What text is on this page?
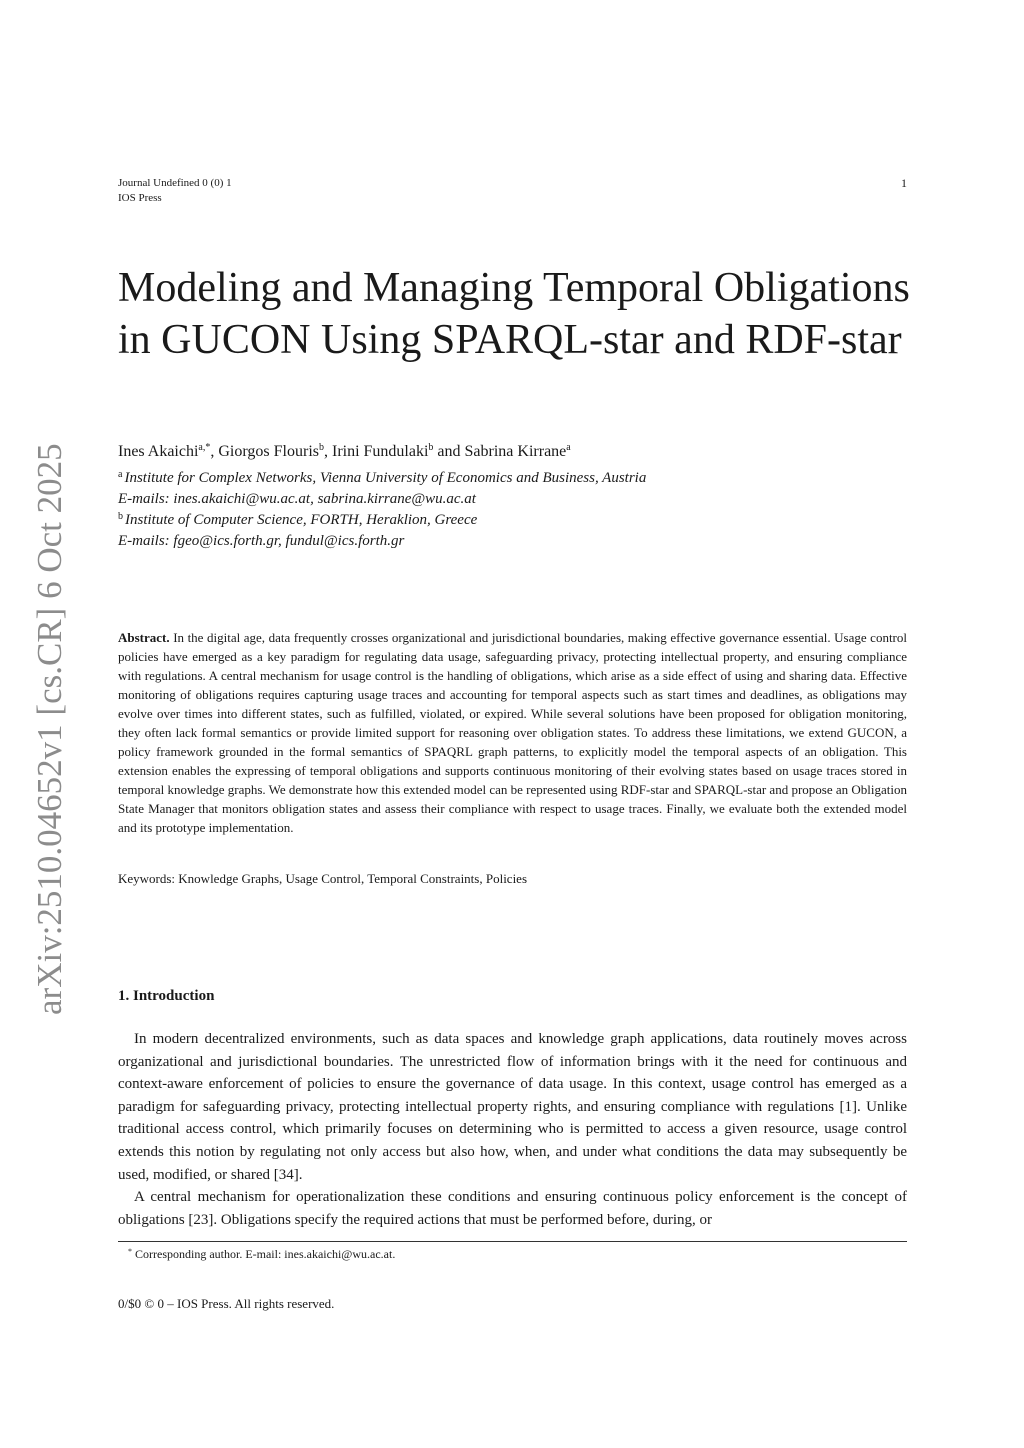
Journal Undefined 0 (0) 1
IOS Press
1
arXiv:2510.04652v1 [cs.CR] 6 Oct 2025
Modeling and Managing Temporal Obligations in GUCON Using SPARQL-star and RDF-star
Ines Akaichi$^{a,*}$, Giorgos Flouris$^b$, Irini Fundulaki$^b$ and Sabrina Kirrane$^a$
$^a$ Institute for Complex Networks, Vienna University of Economics and Business, Austria
E-mails: ines.akaichi@wu.ac.at, sabrina.kirrane@wu.ac.at
$^b$ Institute of Computer Science, FORTH, Heraklion, Greece
E-mails: fgeo@ics.forth.gr, fundul@ics.forth.gr
Abstract. In the digital age, data frequently crosses organizational and jurisdictional boundaries, making effective governance essential. Usage control policies have emerged as a key paradigm for regulating data usage, safeguarding privacy, protecting intellectual property, and ensuring compliance with regulations. A central mechanism for usage control is the handling of obligations, which arise as a side effect of using and sharing data. Effective monitoring of obligations requires capturing usage traces and accounting for temporal aspects such as start times and deadlines, as obligations may evolve over times into different states, such as fulfilled, violated, or expired. While several solutions have been proposed for obligation monitoring, they often lack formal semantics or provide limited support for reasoning over obligation states. To address these limitations, we extend GUCON, a policy framework grounded in the formal semantics of SPAQRL graph patterns, to explicitly model the temporal aspects of an obligation. This extension enables the expressing of temporal obligations and supports continuous monitoring of their evolving states based on usage traces stored in temporal knowledge graphs. We demonstrate how this extended model can be represented using RDF-star and SPARQL-star and propose an Obligation State Manager that monitors obligation states and assess their compliance with respect to usage traces. Finally, we evaluate both the extended model and its prototype implementation.
Keywords: Knowledge Graphs, Usage Control, Temporal Constraints, Policies
1. Introduction

In modern decentralized environments, such as data spaces and knowledge graph applications, data routinely moves across organizational and jurisdictional boundaries. The unrestricted flow of information brings with it the need for continuous and context-aware enforcement of policies to ensure the governance of data usage. In this context, usage control has emerged as a paradigm for safeguarding privacy, protecting intellectual property rights, and ensuring compliance with regulations [1]. Unlike traditional access control, which primarily focuses on determining who is permitted to access a given resource, usage control extends this notion by regulating not only access but also how, when, and under what conditions the data may subsequently be used, modified, or shared [34].

A central mechanism for operationalization these conditions and ensuring continuous policy enforcement is the concept of obligations [23]. Obligations specify the required actions that must be performed before, during, or

* Corresponding author. E-mail: ines.akaichi@wu.ac.at.
0/$0 © 0 – IOS Press. All rights reserved.
